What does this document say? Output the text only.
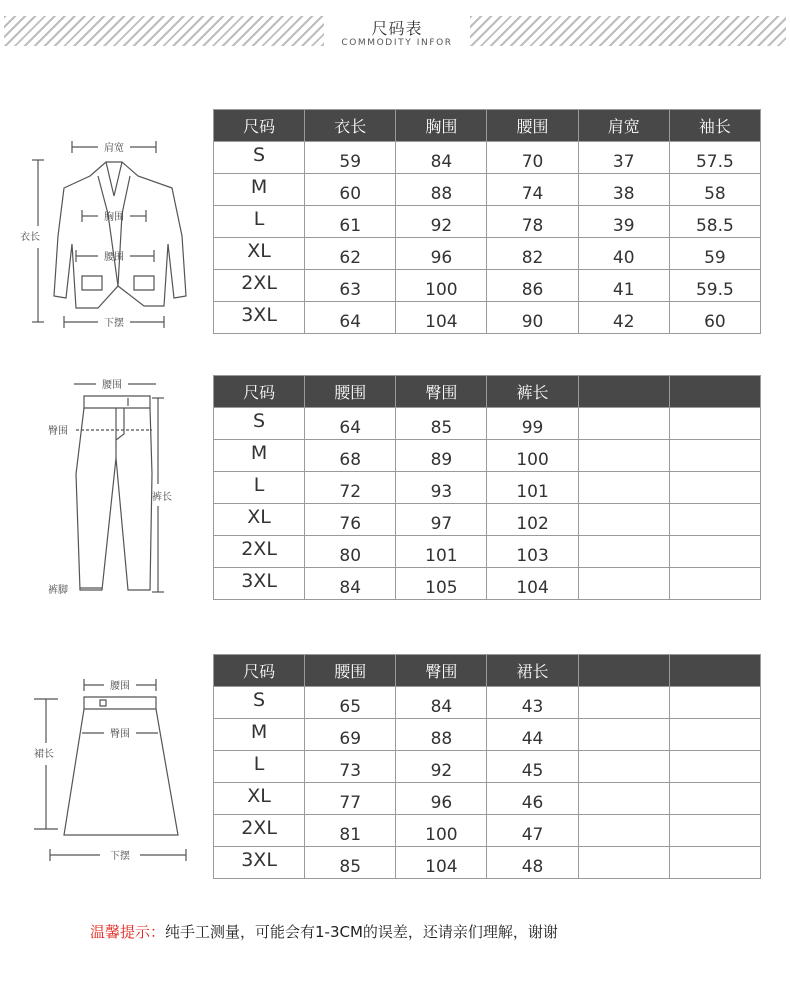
尺码表
COMMODITY INFOR
肩宽
衣长
胸围
腰围
下摆
尺码	衣长	胸围	腰围	肩宽	袖长
S	59	84	70	37	57.5
M	60	88	74	38	58
L	61	92	78	39	58.5
XL	62	96	82	40	59
2XL	63	100	86	41	59.5
3XL	64	104	90	42	60
腰围
臀围
裤长
裤脚
尺码	腰围	臀围	裤长		
S	64	85	99		
M	68	89	100		
L	72	93	101		
XL	76	97	102		
2XL	80	101	103		
3XL	84	105	104		
腰围
臀围
裙长
下摆
尺码	腰围	臀围	裙长		
S	65	84	43		
M	69	88	44		
L	73	92	45		
XL	77	96	46		
2XL	81	100	47		
3XL	85	104	48		
温馨提示：纯手工测量，可能会有1-3CM的误差，还请亲们理解，谢谢
